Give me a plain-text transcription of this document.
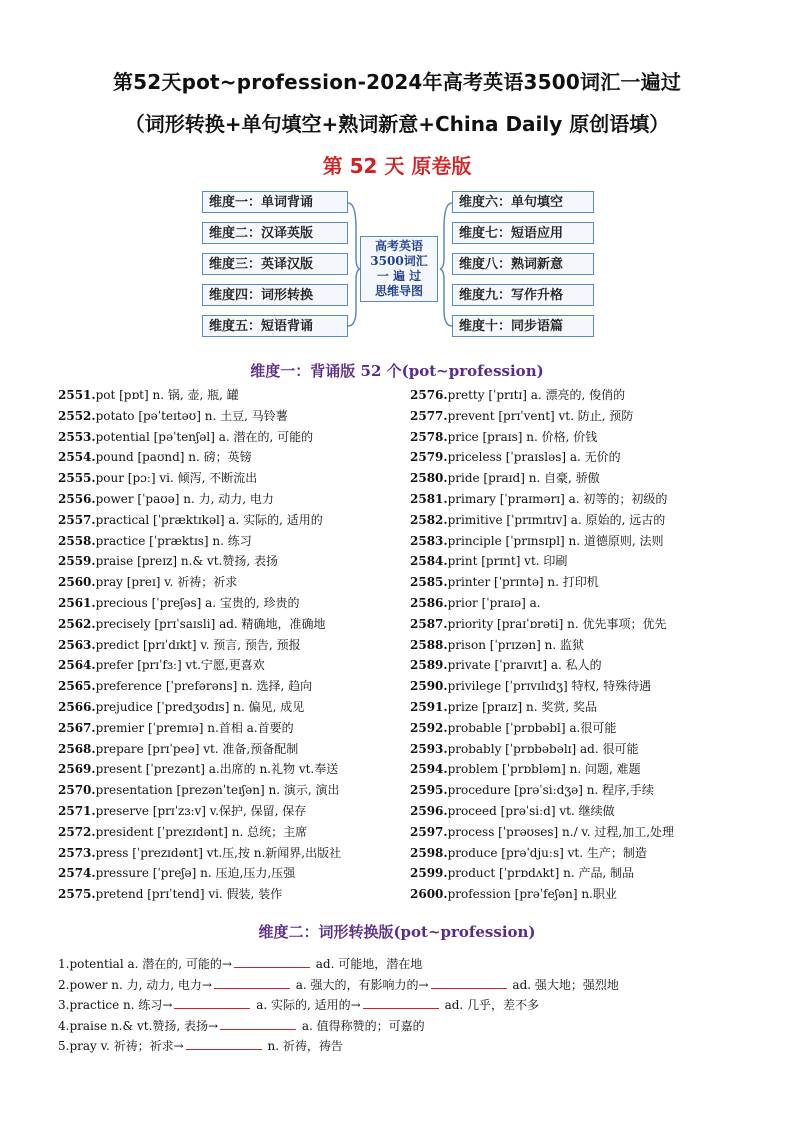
第52天pot~profession-2024年高考英语3500词汇一遍过
（词形转换+单句填空+熟词新意+China Daily 原创语填）
第 52 天 原卷版
维度一：单词背诵
维度二：汉译英版
维度三：英译汉版
维度四：词形转换
维度五：短语背诵
高考英语
3500词汇
一 遍 过
思维导图
维度六：单句填空
维度七：短语应用
维度八：熟词新意
维度九：写作升格
维度十：同步语篇
维度一：背诵版 52 个(pot~profession)
2551.pot [pɒt] n. 锅, 壶, 瓶, 罐
2552.potato [pəˈteɪtəʊ] n. 土豆, 马铃薯
2553.potential [pəˈtenʃəl] a. 潜在的, 可能的
2554.pound [paʊnd] n. 磅；英镑
2555.pour [pɔː] vi. 倾泻, 不断流出
2556.power [ˈpaʊə] n. 力, 动力, 电力
2557.practical [ˈpræktɪkəl] a. 实际的, 适用的
2558.practice [ˈpræktɪs] n. 练习
2559.praise [preɪz] n.& vt.赞扬, 表扬
2560.pray [preɪ] v. 祈祷；祈求
2561.precious [ˈpreʃəs] a. 宝贵的, 珍贵的
2562.precisely [prɪˈsaɪsli] ad. 精确地，准确地
2563.predict [prɪˈdɪkt] v. 预言, 预告, 预报
2564.prefer [prɪˈfɜː] vt.宁愿,更喜欢
2565.preference [ˈprefərəns] n. 选择, 趋向
2566.prejudice [ˈpredʒʊdɪs] n. 偏见, 成见
2567.premier [ˈpremɪə] n.首相 a.首要的
2568.prepare [prɪˈpeə] vt. 准备,预备配制
2569.present [ˈprezənt] a.出席的 n.礼物 vt.奉送
2570.presentation [prezənˈteɪʃən] n. 演示, 演出
2571.preserve [prɪˈzɜːv] v.保护, 保留, 保存
2572.president [ˈprezɪdənt] n. 总统；主席
2573.press [ˈprezɪdənt] vt.压,按 n.新闻界,出版社
2574.pressure [ˈpreʃə] n. 压迫,压力,压强
2575.pretend [prɪˈtend] vi. 假装, 装作
2576.pretty [ˈprɪtɪ] a. 漂亮的, 俊俏的
2577.prevent [prɪˈvent] vt. 防止, 预防
2578.price [praɪs] n. 价格, 价钱
2579.priceless [ˈpraɪsləs] a. 无价的
2580.pride [praɪd] n. 自豪, 骄傲
2581.primary [ˈpraɪmərɪ] a. 初等的；初级的
2582.primitive [ˈprɪmɪtɪv] a. 原始的, 远古的
2583.principle [ˈprɪnsɪpl] n. 道德原则, 法则
2584.print [prɪnt] vt. 印刷
2585.printer [ˈprɪntə] n. 打印机
2586.prior [ˈpraɪə] a.
2587.priority [praɪˈɒrəti] n. 优先事项；优先
2588.prison [ˈprɪzən] n. 监狱
2589.private [ˈpraɪvɪt] a. 私人的
2590.privilege [ˈprɪvɪlɪdʒ] 特权, 特殊待遇
2591.prize [praɪz] n. 奖赏, 奖品
2592.probable [ˈprɒbəbl] a.很可能
2593.probably [ˈprɒbəbəlɪ] ad. 很可能
2594.problem [ˈprɒbləm] n. 问题, 难题
2595.procedure [prəˈsiːdʒə] n. 程序,手续
2596.proceed [prəˈsiːd] vt. 继续做
2597.process [ˈprəʊses] n./ v. 过程,加工,处理
2598.produce [prəˈdjuːs] vt. 生产；制造
2599.product [ˈprɒdʌkt] n. 产品, 制品
2600.profession [prəˈfeʃən] n.职业
维度二：词形转换版(pot~profession)
1.potential a. 潜在的, 可能的→	ad. 可能地，潜在地
2.power n. 力, 动力, 电力→	a. 强大的，有影响力的→	ad. 强大地；强烈地
3.practice n. 练习→	a. 实际的, 适用的→	ad. 几乎，差不多
4.praise n.& vt.赞扬, 表扬→	a. 值得称赞的；可嘉的
5.pray v. 祈祷；祈求→	n. 祈祷，祷告
